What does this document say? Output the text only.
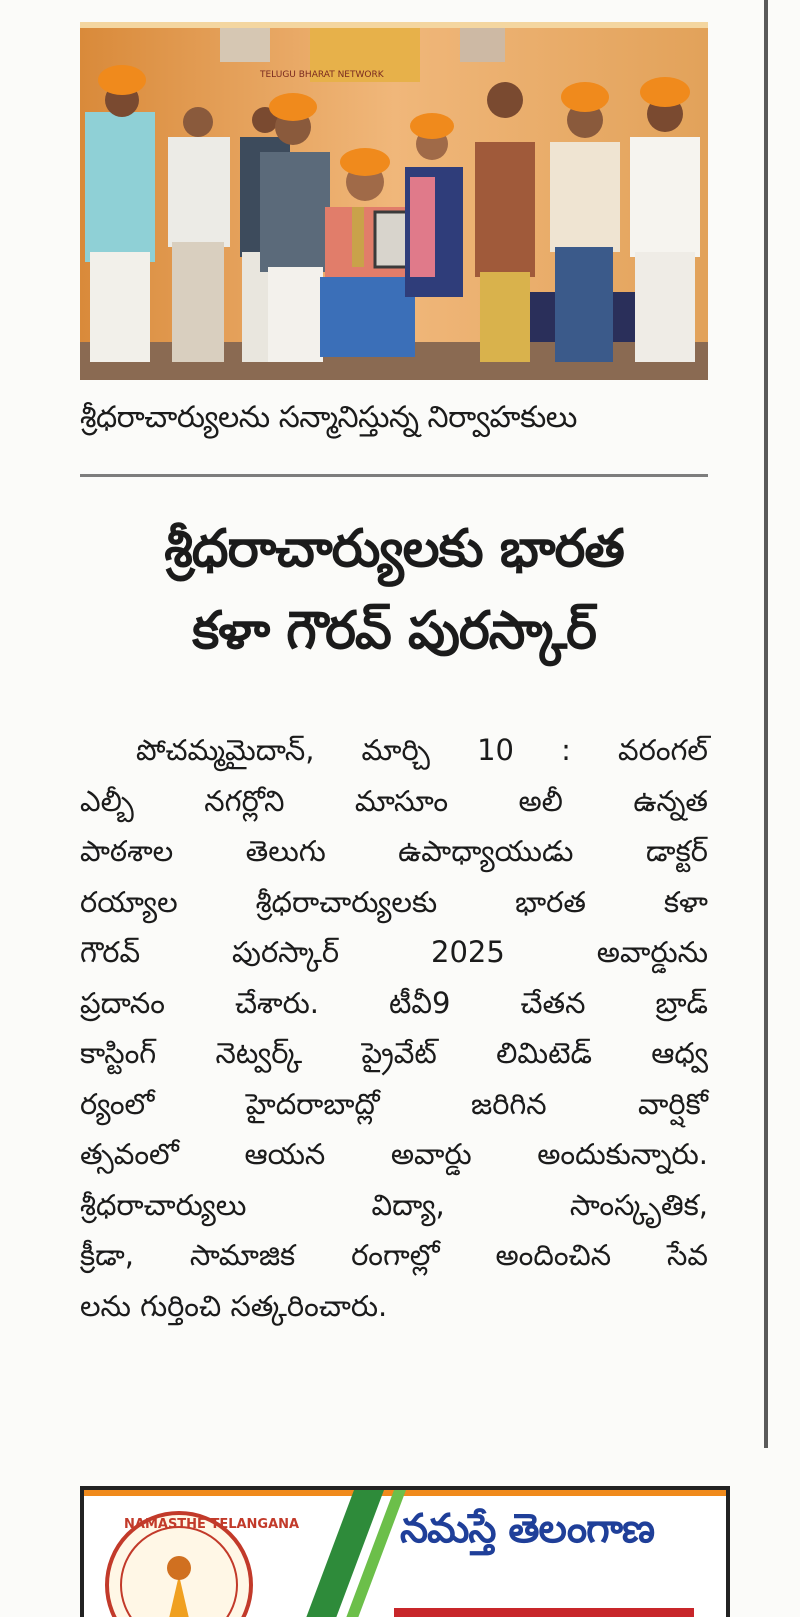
TELUGU BHARAT NETWORK
శ్రీధరాచార్యులను సన్మానిస్తున్న నిర్వాహకులు
శ్రీధరాచార్యులకు భారత
కళా గౌరవ్ పురస్కార్
పోచమ్మమైదాన్, మార్చి 10 : వరంగల్
ఎల్బీ నగర్లోని మాసూం అలీ ఉన్నత
పాఠశాల తెలుగు ఉపాధ్యాయుడు డాక్టర్
రయ్యాల శ్రీధరాచార్యులకు భారత కళా
గౌరవ్ పురస్కార్ 2025 అవార్డును
ప్రదానం చేశారు. టీవీ9 చేతన బ్రాడ్
కాస్టింగ్ నెట్వర్క్ ప్రైవేట్ లిమిటెడ్ ఆధ్వ
ర్యంలో హైదరాబాద్లో జరిగిన వార్షికో
త్సవంలో ఆయన అవార్డు అందుకున్నారు.
శ్రీధరాచార్యులు విద్యా, సాంస్కృతిక,
క్రీడా, సామాజిక రంగాల్లో అందించిన సేవ
లను గుర్తించి సత్కరించారు.
NAMASTHE TELANGANA	నమస్తే తెలంగాణ
